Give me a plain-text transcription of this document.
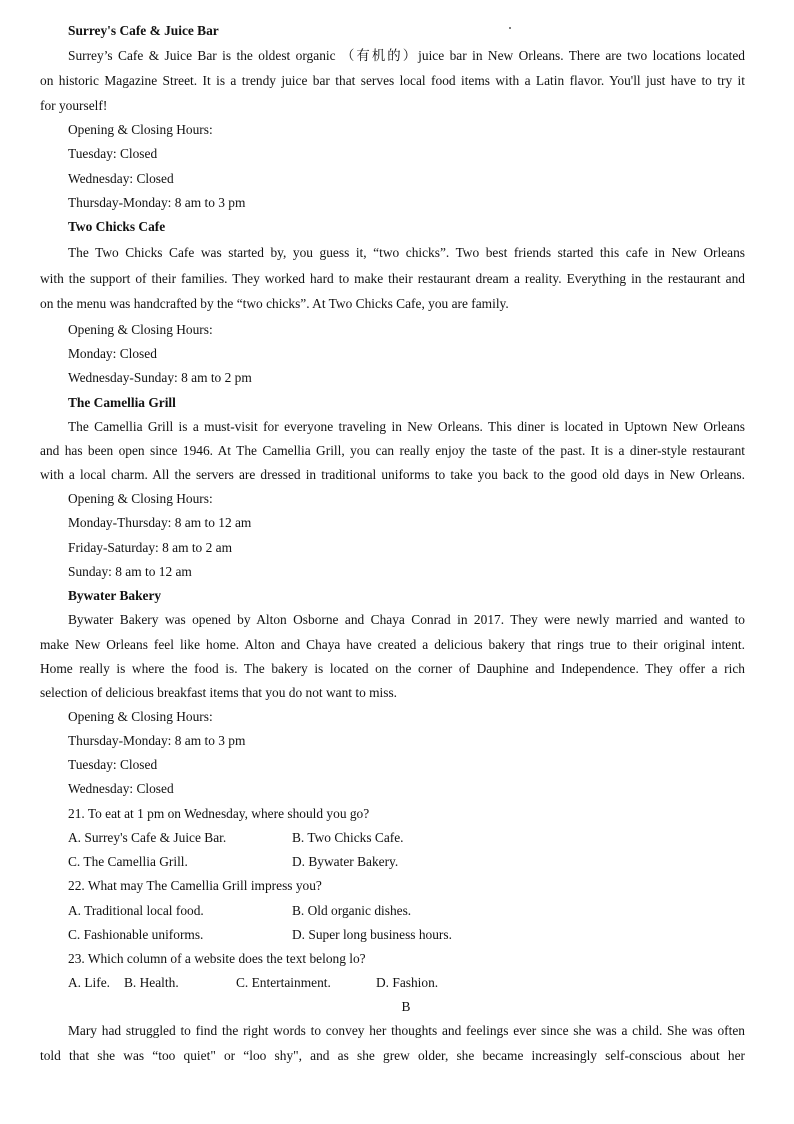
Surrey's Cafe & Juice Bar
Surrey’s Cafe & Juice Bar is the oldest organic （有机的）juice bar in New Orleans. There are two locations located
on historic Magazine Street. It is a trendy juice bar that serves local food items with a Latin flavor. You'll just have to try it
for yourself!
Opening & Closing Hours:
Tuesday: Closed
Wednesday: Closed
Thursday-Monday: 8 am to 3 pm
Two Chicks Cafe
The Two Chicks Cafe was started by, you guess it, “two chicks”. Two best friends started this cafe in New Orleans
with the support of their families. They worked hard to make their restaurant dream a reality. Everything in the restaurant and
on the menu was handcrafted by the “two chicks”. At Two Chicks Cafe, you are family.
Opening & Closing Hours:
Monday: Closed
Wednesday-Sunday: 8 am to 2 pm
The Camellia Grill
The Camellia Grill is a must-visit for everyone traveling in New Orleans. This diner is located in Uptown New Orleans
and has been open since 1946. At The Camellia Grill, you can really enjoy the taste of the past. It is a diner-style restaurant
with a local charm. All the servers are dressed in traditional uniforms to take you back to the good old days in New Orleans.
Opening & Closing Hours:
Monday-Thursday: 8 am to 12 am
Friday-Saturday: 8 am to 2 am
Sunday: 8 am to 12 am
Bywater Bakery
Bywater Bakery was opened by Alton Osborne and Chaya Conrad in 2017. They were newly married and wanted to
make New Orleans feel like home. Alton and Chaya have created a delicious bakery that rings true to their original intent.
Home really is where the food is. The bakery is located on the corner of Dauphine and Independence. They offer a rich
selection of delicious breakfast items that you do not want to miss.
Opening & Closing Hours:
Thursday-Monday: 8 am to 3 pm
Tuesday: Closed
Wednesday: Closed
21. To eat at 1 pm on Wednesday, where should you go?
A. Surrey's Cafe & Juice Bar.	B. Two Chicks Cafe.
C. The Camellia Grill.	D. Bywater Bakery.
22. What may The Camellia Grill impress you?
A. Traditional local food.	B. Old organic dishes.
C. Fashionable uniforms.	D. Super long business hours.
23. Which column of a website does the text belong lo?
A. Life. B. Health.	C. Entertainment.	D. Fashion.
B
Mary had struggled to find the right words to convey her thoughts and feelings ever since she was a child. She was often
told that she was “too quiet" or “loo shy", and as she grew older, she became increasingly self-conscious about her
